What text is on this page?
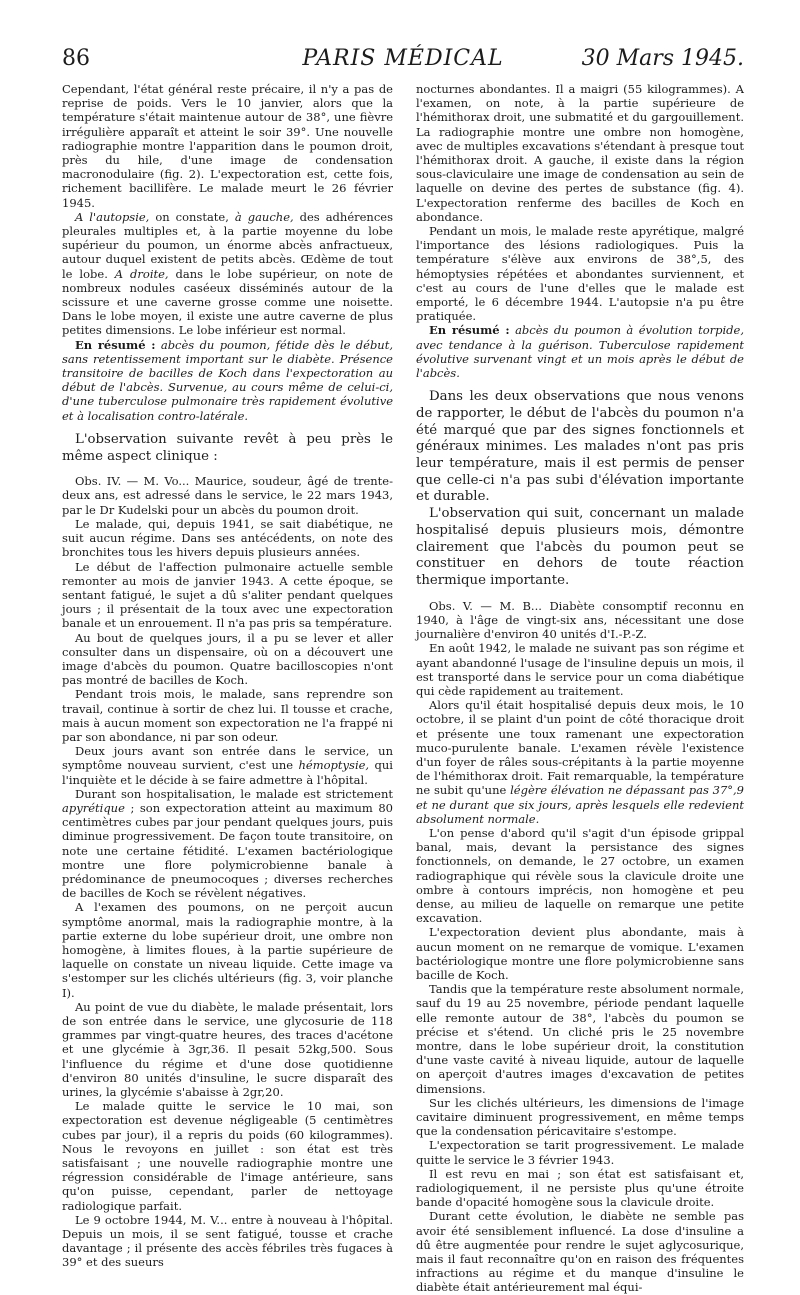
86	PARIS MÉDICAL	30 Mars 1945.

Cependant, l'état général reste précaire, il n'y a pas de reprise de poids. Vers le 10 janvier, alors que la température s'était maintenue autour de 38°, une fièvre irrégulière apparaît et atteint le soir 39°. Une nouvelle radiographie montre l'apparition dans le poumon droit, près du hile, d'une image de condensation macronodulaire (fig. 2). L'expectoration est, cette fois, richement bacillifère. Le malade meurt le 26 février 1945.

A l'autopsie, on constate, à gauche, des adhérences pleurales multiples et, à la partie moyenne du lobe supérieur du poumon, un énorme abcès anfractueux, autour duquel existent de petits abcès. Œdème de tout le lobe. A droite, dans le lobe supérieur, on note de nombreux nodules caséeux disséminés autour de la scissure et une caverne grosse comme une noisette. Dans le lobe moyen, il existe une autre caverne de plus petites dimensions. Le lobe inférieur est normal.

En résumé : abcès du poumon, fétide dès le début, sans retentissement important sur le diabète. Présence transitoire de bacilles de Koch dans l'expectoration au début de l'abcès. Survenue, au cours même de celui-ci, d'une tuberculose pulmonaire très rapidement évolutive et à localisation contro-latérale.

L'observation suivante revêt à peu près le même aspect clinique :

Obs. IV. — M. Vo... Maurice, soudeur, âgé de trente-deux ans, est adressé dans le service, le 22 mars 1943, par le Dr Kudelski pour un abcès du poumon droit.

Le malade, qui, depuis 1941, se sait diabétique, ne suit aucun régime. Dans ses antécédents, on note des bronchites tous les hivers depuis plusieurs années.

Le début de l'affection pulmonaire actuelle semble remonter au mois de janvier 1943. A cette époque, se sentant fatigué, le sujet a dû s'aliter pendant quelques jours ; il présentait de la toux avec une expectoration banale et un enrouement. Il n'a pas pris sa température.

Au bout de quelques jours, il a pu se lever et aller consulter dans un dispensaire, où on a découvert une image d'abcès du poumon. Quatre bacilloscopies n'ont pas montré de bacilles de Koch.

Pendant trois mois, le malade, sans reprendre son travail, continue à sortir de chez lui. Il tousse et crache, mais à aucun moment son expectoration ne l'a frappé ni par son abondance, ni par son odeur.

Deux jours avant son entrée dans le service, un symptôme nouveau survient, c'est une hémoptysie, qui l'inquiète et le décide à se faire admettre à l'hôpital.

Durant son hospitalisation, le malade est strictement apyrétique ; son expectoration atteint au maximum 80 centimètres cubes par jour pendant quelques jours, puis diminue progressivement. De façon toute transitoire, on note une certaine fétidité. L'examen bactériologique montre une flore polymicrobienne banale à prédominance de pneumocoques ; diverses recherches de bacilles de Koch se révèlent négatives.

A l'examen des poumons, on ne perçoit aucun symptôme anormal, mais la radiographie montre, à la partie externe du lobe supérieur droit, une ombre non homogène, à limites floues, à la partie supérieure de laquelle on constate un niveau liquide. Cette image va s'estomper sur les clichés ultérieurs (fig. 3, voir planche I).

Au point de vue du diabète, le malade présentait, lors de son entrée dans le service, une glycosurie de 118 grammes par vingt-quatre heures, des traces d'acétone et une glycémie à 3gr,36. Il pesait 52kg,500. Sous l'influence du régime et d'une dose quotidienne d'environ 80 unités d'insuline, le sucre disparaît des urines, la glycémie s'abaisse à 2gr,20.

Le malade quitte le service le 10 mai, son expectoration est devenue négligeable (5 centimètres cubes par jour), il a repris du poids (60 kilogrammes). Nous le revoyons en juillet : son état est très satisfaisant ; une nouvelle radiographie montre une régression considérable de l'image antérieure, sans qu'on puisse, cependant, parler de nettoyage radiologique parfait.

Le 9 octobre 1944, M. V... entre à nouveau à l'hôpital. Depuis un mois, il se sent fatigué, tousse et crache davantage ; il présente des accès fébriles très fugaces à 39° et des sueurs

nocturnes abondantes. Il a maigri (55 kilogrammes). A l'examen, on note, à la partie supérieure de l'hémithorax droit, une submatité et du gargouillement. La radiographie montre une ombre non homogène, avec de multiples excavations s'étendant à presque tout l'hémithorax droit. A gauche, il existe dans la région sous-claviculaire une image de condensation au sein de laquelle on devine des pertes de substance (fig. 4). L'expectoration renferme des bacilles de Koch en abondance.

Pendant un mois, le malade reste apyrétique, malgré l'importance des lésions radiologiques. Puis la température s'élève aux environs de 38°,5, des hémoptysies répétées et abondantes surviennent, et c'est au cours de l'une d'elles que le malade est emporté, le 6 décembre 1944. L'autopsie n'a pu être pratiquée.

En résumé : abcès du poumon à évolution torpide, avec tendance à la guérison. Tuberculose rapidement évolutive survenant vingt et un mois après le début de l'abcès.

Dans les deux observations que nous venons de rapporter, le début de l'abcès du poumon n'a été marqué que par des signes fonctionnels et généraux minimes. Les malades n'ont pas pris leur température, mais il est permis de penser que celle-ci n'a pas subi d'élévation importante et durable.

L'observation qui suit, concernant un malade hospitalisé depuis plusieurs mois, démontre clairement que l'abcès du poumon peut se constituer en dehors de toute réaction thermique importante.

Obs. V. — M. B... Diabète consomptif reconnu en 1940, à l'âge de vingt-six ans, nécessitant une dose journalière d'environ 40 unités d'I.-P.-Z.

En août 1942, le malade ne suivant pas son régime et ayant abandonné l'usage de l'insuline depuis un mois, il est transporté dans le service pour un coma diabétique qui cède rapidement au traitement.

Alors qu'il était hospitalisé depuis deux mois, le 10 octobre, il se plaint d'un point de côté thoracique droit et présente une toux ramenant une expectoration muco-purulente banale. L'examen révèle l'existence d'un foyer de râles sous-crépitants à la partie moyenne de l'hémithorax droit. Fait remarquable, la température ne subit qu'une légère élévation ne dépassant pas 37°,9 et ne durant que six jours, après lesquels elle redevient absolument normale.

L'on pense d'abord qu'il s'agit d'un épisode grippal banal, mais, devant la persistance des signes fonctionnels, on demande, le 27 octobre, un examen radiographique qui révèle sous la clavicule droite une ombre à contours imprécis, non homogène et peu dense, au milieu de laquelle on remarque une petite excavation.

L'expectoration devient plus abondante, mais à aucun moment on ne remarque de vomique. L'examen bactériologique montre une flore polymicrobienne sans bacille de Koch.

Tandis que la température reste absolument normale, sauf du 19 au 25 novembre, période pendant laquelle elle remonte autour de 38°, l'abcès du poumon se précise et s'étend. Un cliché pris le 25 novembre montre, dans le lobe supérieur droit, la constitution d'une vaste cavité à niveau liquide, autour de laquelle on aperçoit d'autres images d'excavation de petites dimensions.

Sur les clichés ultérieurs, les dimensions de l'image cavitaire diminuent progressivement, en même temps que la condensation péricavitaire s'estompe.

L'expectoration se tarit progressivement. Le malade quitte le service le 3 février 1943.

Il est revu en mai ; son état est satisfaisant et, radiologiquement, il ne persiste plus qu'une étroite bande d'opacité homogène sous la clavicule droite.

Durant cette évolution, le diabète ne semble pas avoir été sensiblement influencé. La dose d'insuline a dû être augmentée pour rendre le sujet aglycosurique, mais il faut reconnaître qu'on en raison des fréquentes infractions au régime et du manque d'insuline le diabète était antérieurement mal équi-
